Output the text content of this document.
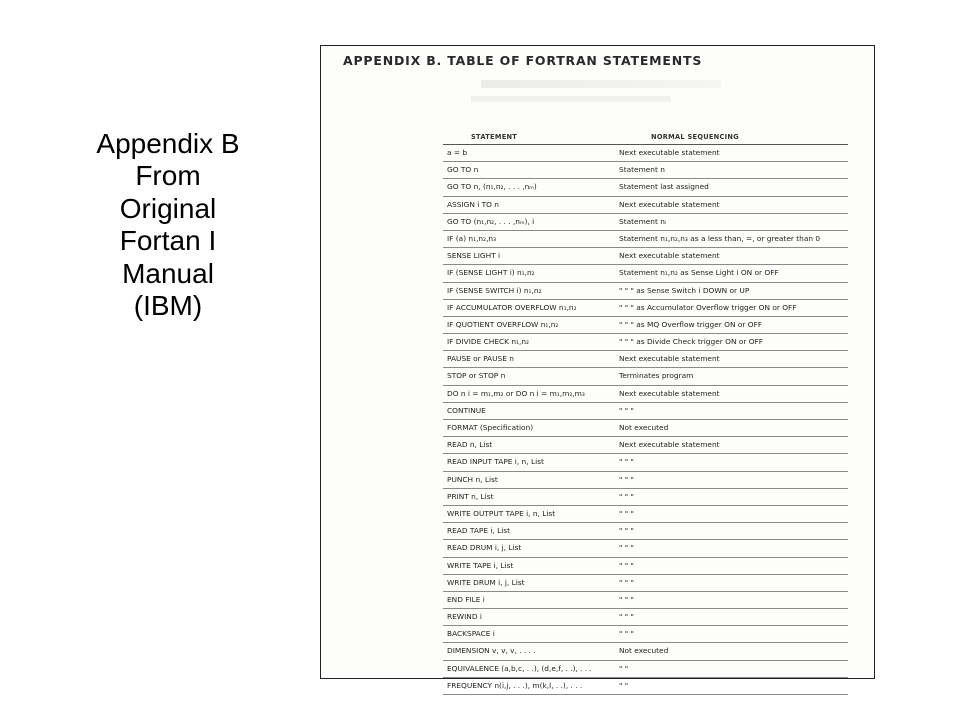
Appendix B
From
Original
Fortan I
Manual
(IBM)
APPENDIX B. TABLE OF FORTRAN STATEMENTS
STATEMENT	NORMAL SEQUENCING
a = b	Next executable statement
GO TO n	Statement n
GO TO n, (n₁,n₂, . . . ,nₘ)	Statement last assigned
ASSIGN i TO n	Next executable statement
GO TO (n₁,n₂, . . . ,nₘ), i	Statement nᵢ
IF (a) n₁,n₂,n₃	Statement n₁,n₂,n₃ as a less than, =, or greater than 0
SENSE LIGHT i	Next executable statement
IF (SENSE LIGHT i) n₁,n₂	Statement n₁,n₂ as Sense Light i ON or OFF
IF (SENSE SWITCH i) n₁,n₂	" " " as Sense Switch i DOWN or UP
IF ACCUMULATOR OVERFLOW n₁,n₂	" " " as Accumulator Overflow trigger ON or OFF
IF QUOTIENT OVERFLOW n₁,n₂	" " " as MQ Overflow trigger ON or OFF
IF DIVIDE CHECK n₁,n₂	" " " as Divide Check trigger ON or OFF
PAUSE or PAUSE n	Next executable statement
STOP or STOP n	Terminates program
DO n i = m₁,m₂ or DO n i = m₁,m₂,m₃	Next executable statement
CONTINUE	" " "
FORMAT (Specification)	Not executed
READ n, List	Next executable statement
READ INPUT TAPE i, n, List	" " "
PUNCH n, List	" " "
PRINT n, List	" " "
WRITE OUTPUT TAPE i, n, List	" " "
READ TAPE i, List	" " "
READ DRUM i, j, List	" " "
WRITE TAPE i, List	" " "
WRITE DRUM i, j, List	" " "
END FILE i	" " "
REWIND i	" " "
BACKSPACE i	" " "
DIMENSION v, v, v, . . . .	Not executed
EQUIVALENCE (a,b,c, . .), (d,e,f, . .), . . .	" "
FREQUENCY n(i,j, . . .), m(k,l, . .), . . .	" "
